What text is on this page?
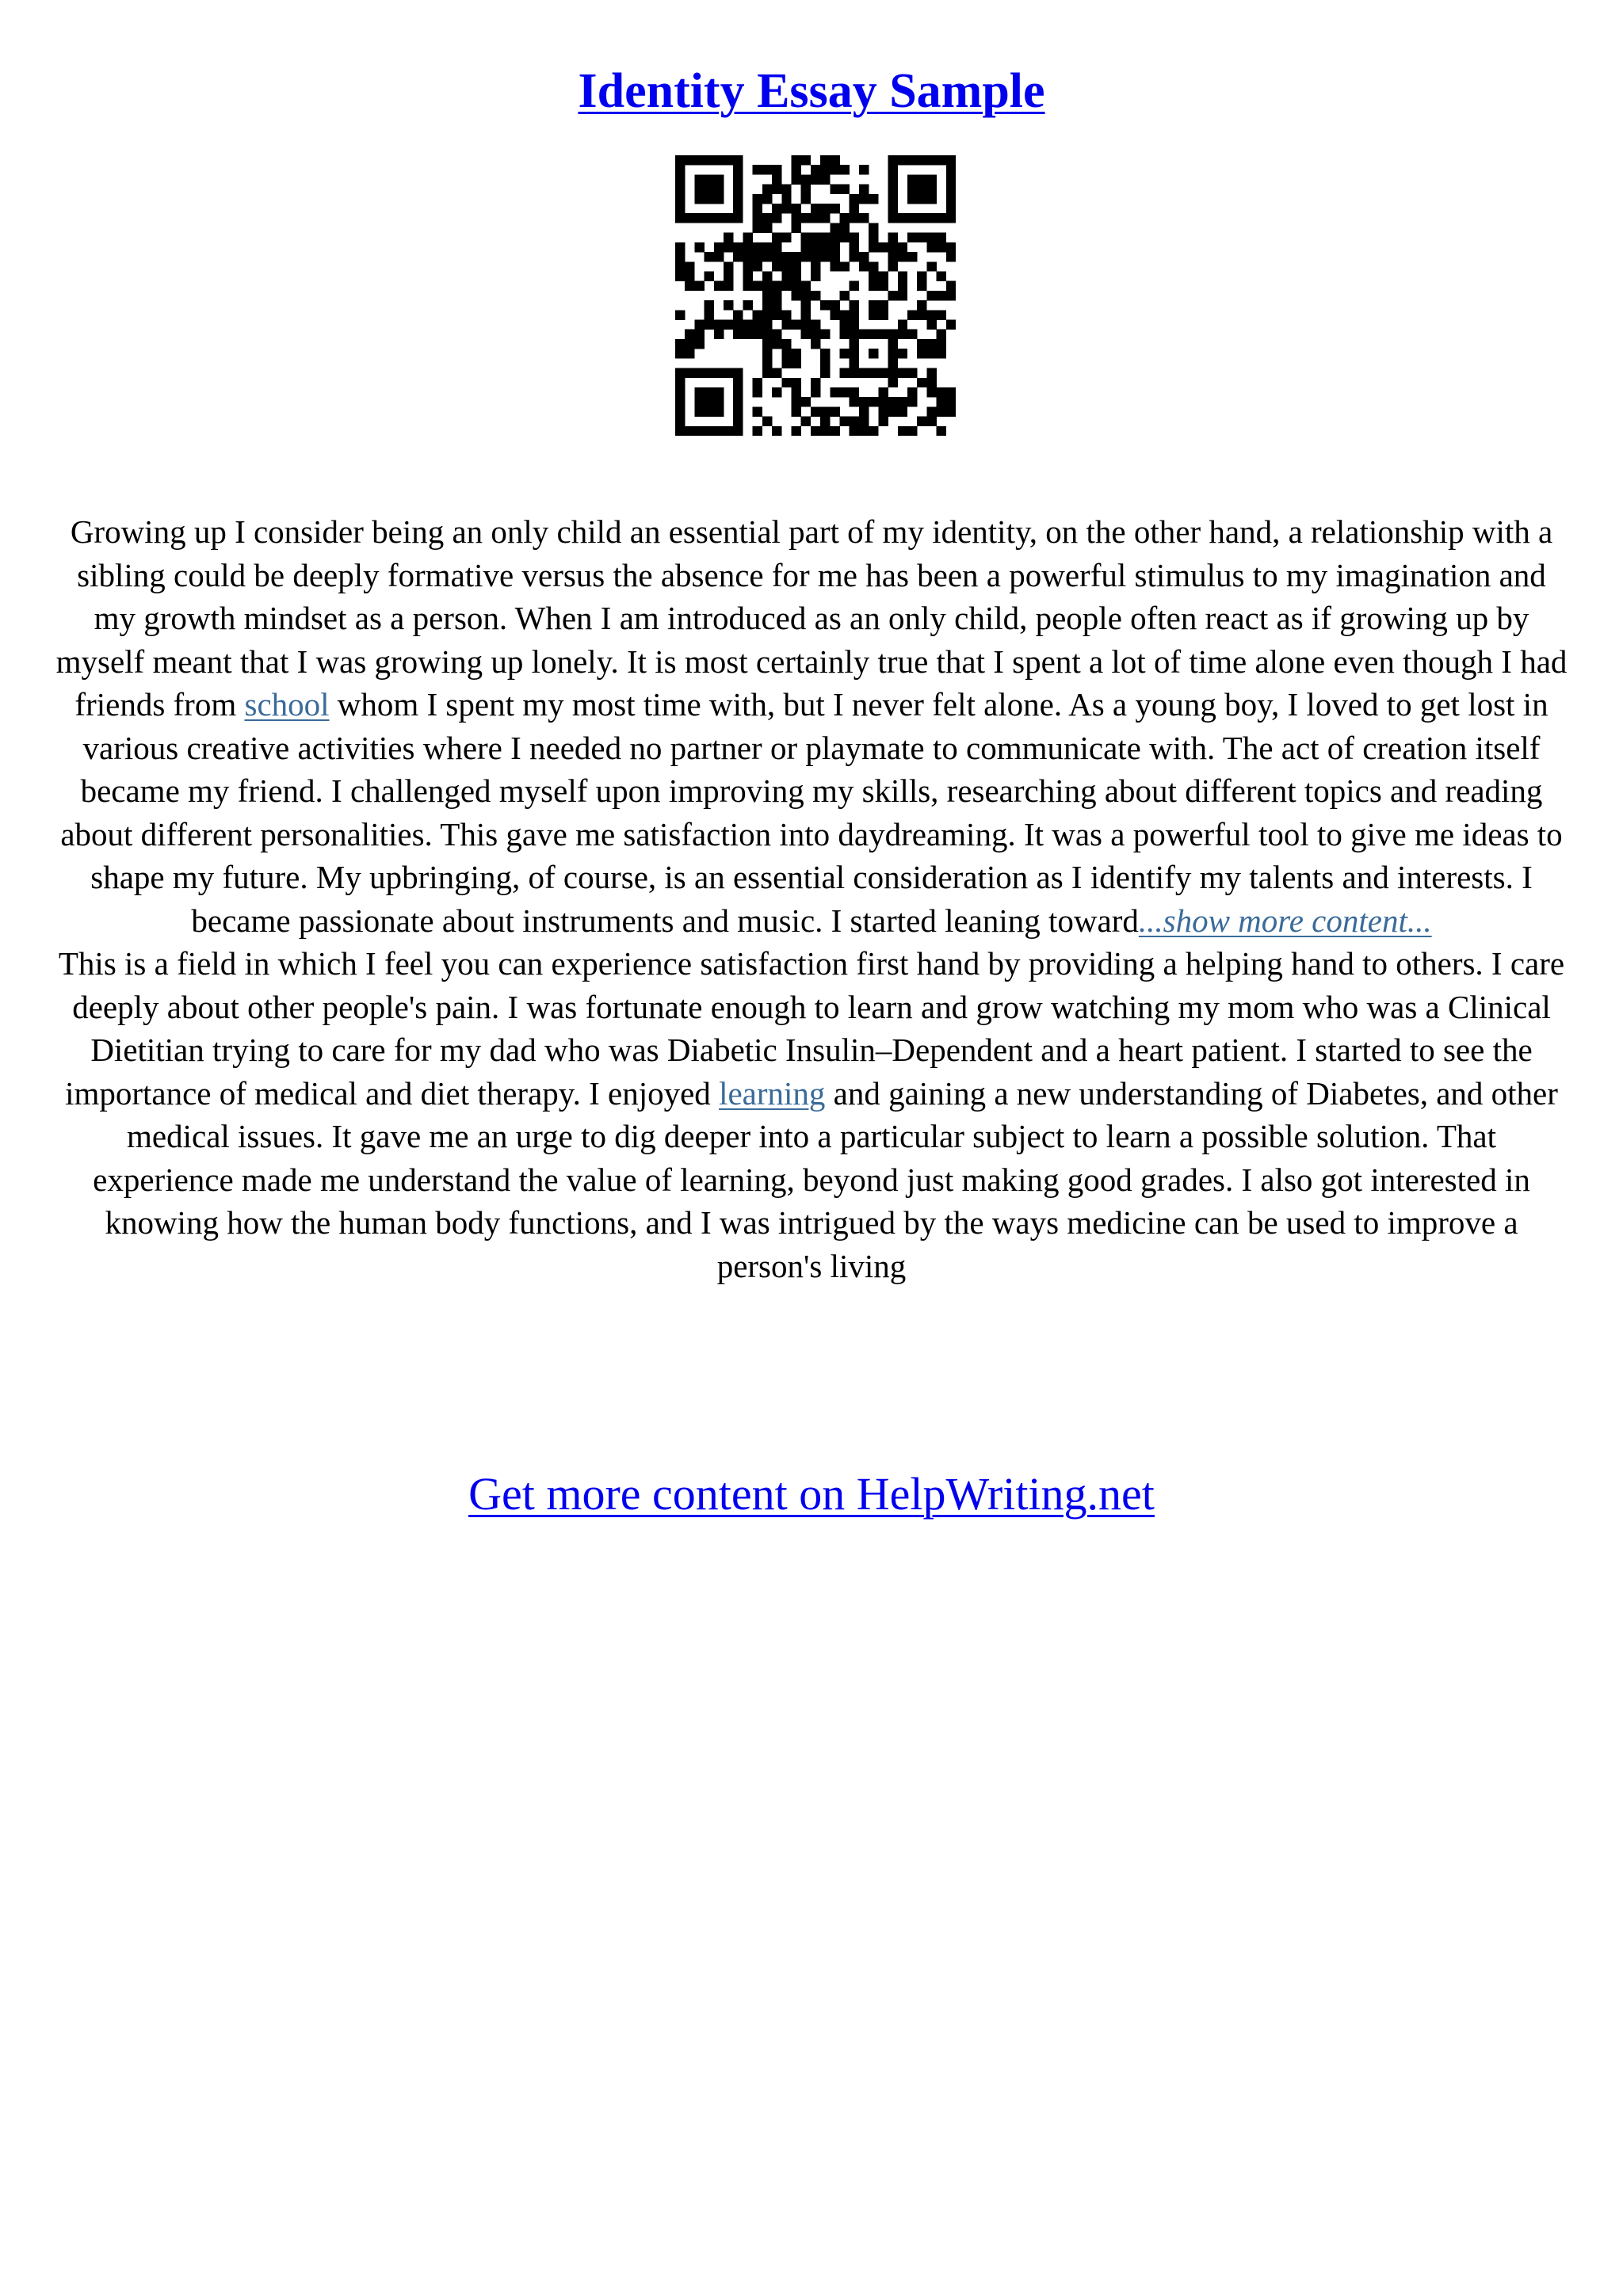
Identity Essay Sample

Growing up I consider being an only child an essential part of my identity, on the other hand, a relationship with a sibling could be deeply formative versus the absence for me has been a powerful stimulus to my imagination and my growth mindset as a person. When I am introduced as an only child, people often react as if growing up by myself meant that I was growing up lonely. It is most certainly true that I spent a lot of time alone even though I had friends from school whom I spent my most time with, but I never felt alone. As a young boy, I loved to get lost in various creative activities where I needed no partner or playmate to communicate with. The act of creation itself became my friend. I challenged myself upon improving my skills, researching about different topics and reading about different personalities. This gave me satisfaction into daydreaming. It was a powerful tool to give me ideas to shape my future. My upbringing, of course, is an essential consideration as I identify my talents and interests. I became passionate about instruments and music. I started leaning toward...show more content...

This is a field in which I feel you can experience satisfaction first hand by providing a helping hand to others. I care deeply about other people's pain. I was fortunate enough to learn and grow watching my mom who was a Clinical Dietitian trying to care for my dad who was Diabetic Insulin–Dependent and a heart patient. I started to see the importance of medical and diet therapy. I enjoyed learning and gaining a new understanding of Diabetes, and other medical issues. It gave me an urge to dig deeper into a particular subject to learn a possible solution. That experience made me understand the value of learning, beyond just making good grades. I also got interested in knowing how the human body functions, and I was intrigued by the ways medicine can be used to improve a person's living

Get more content on HelpWriting.net
